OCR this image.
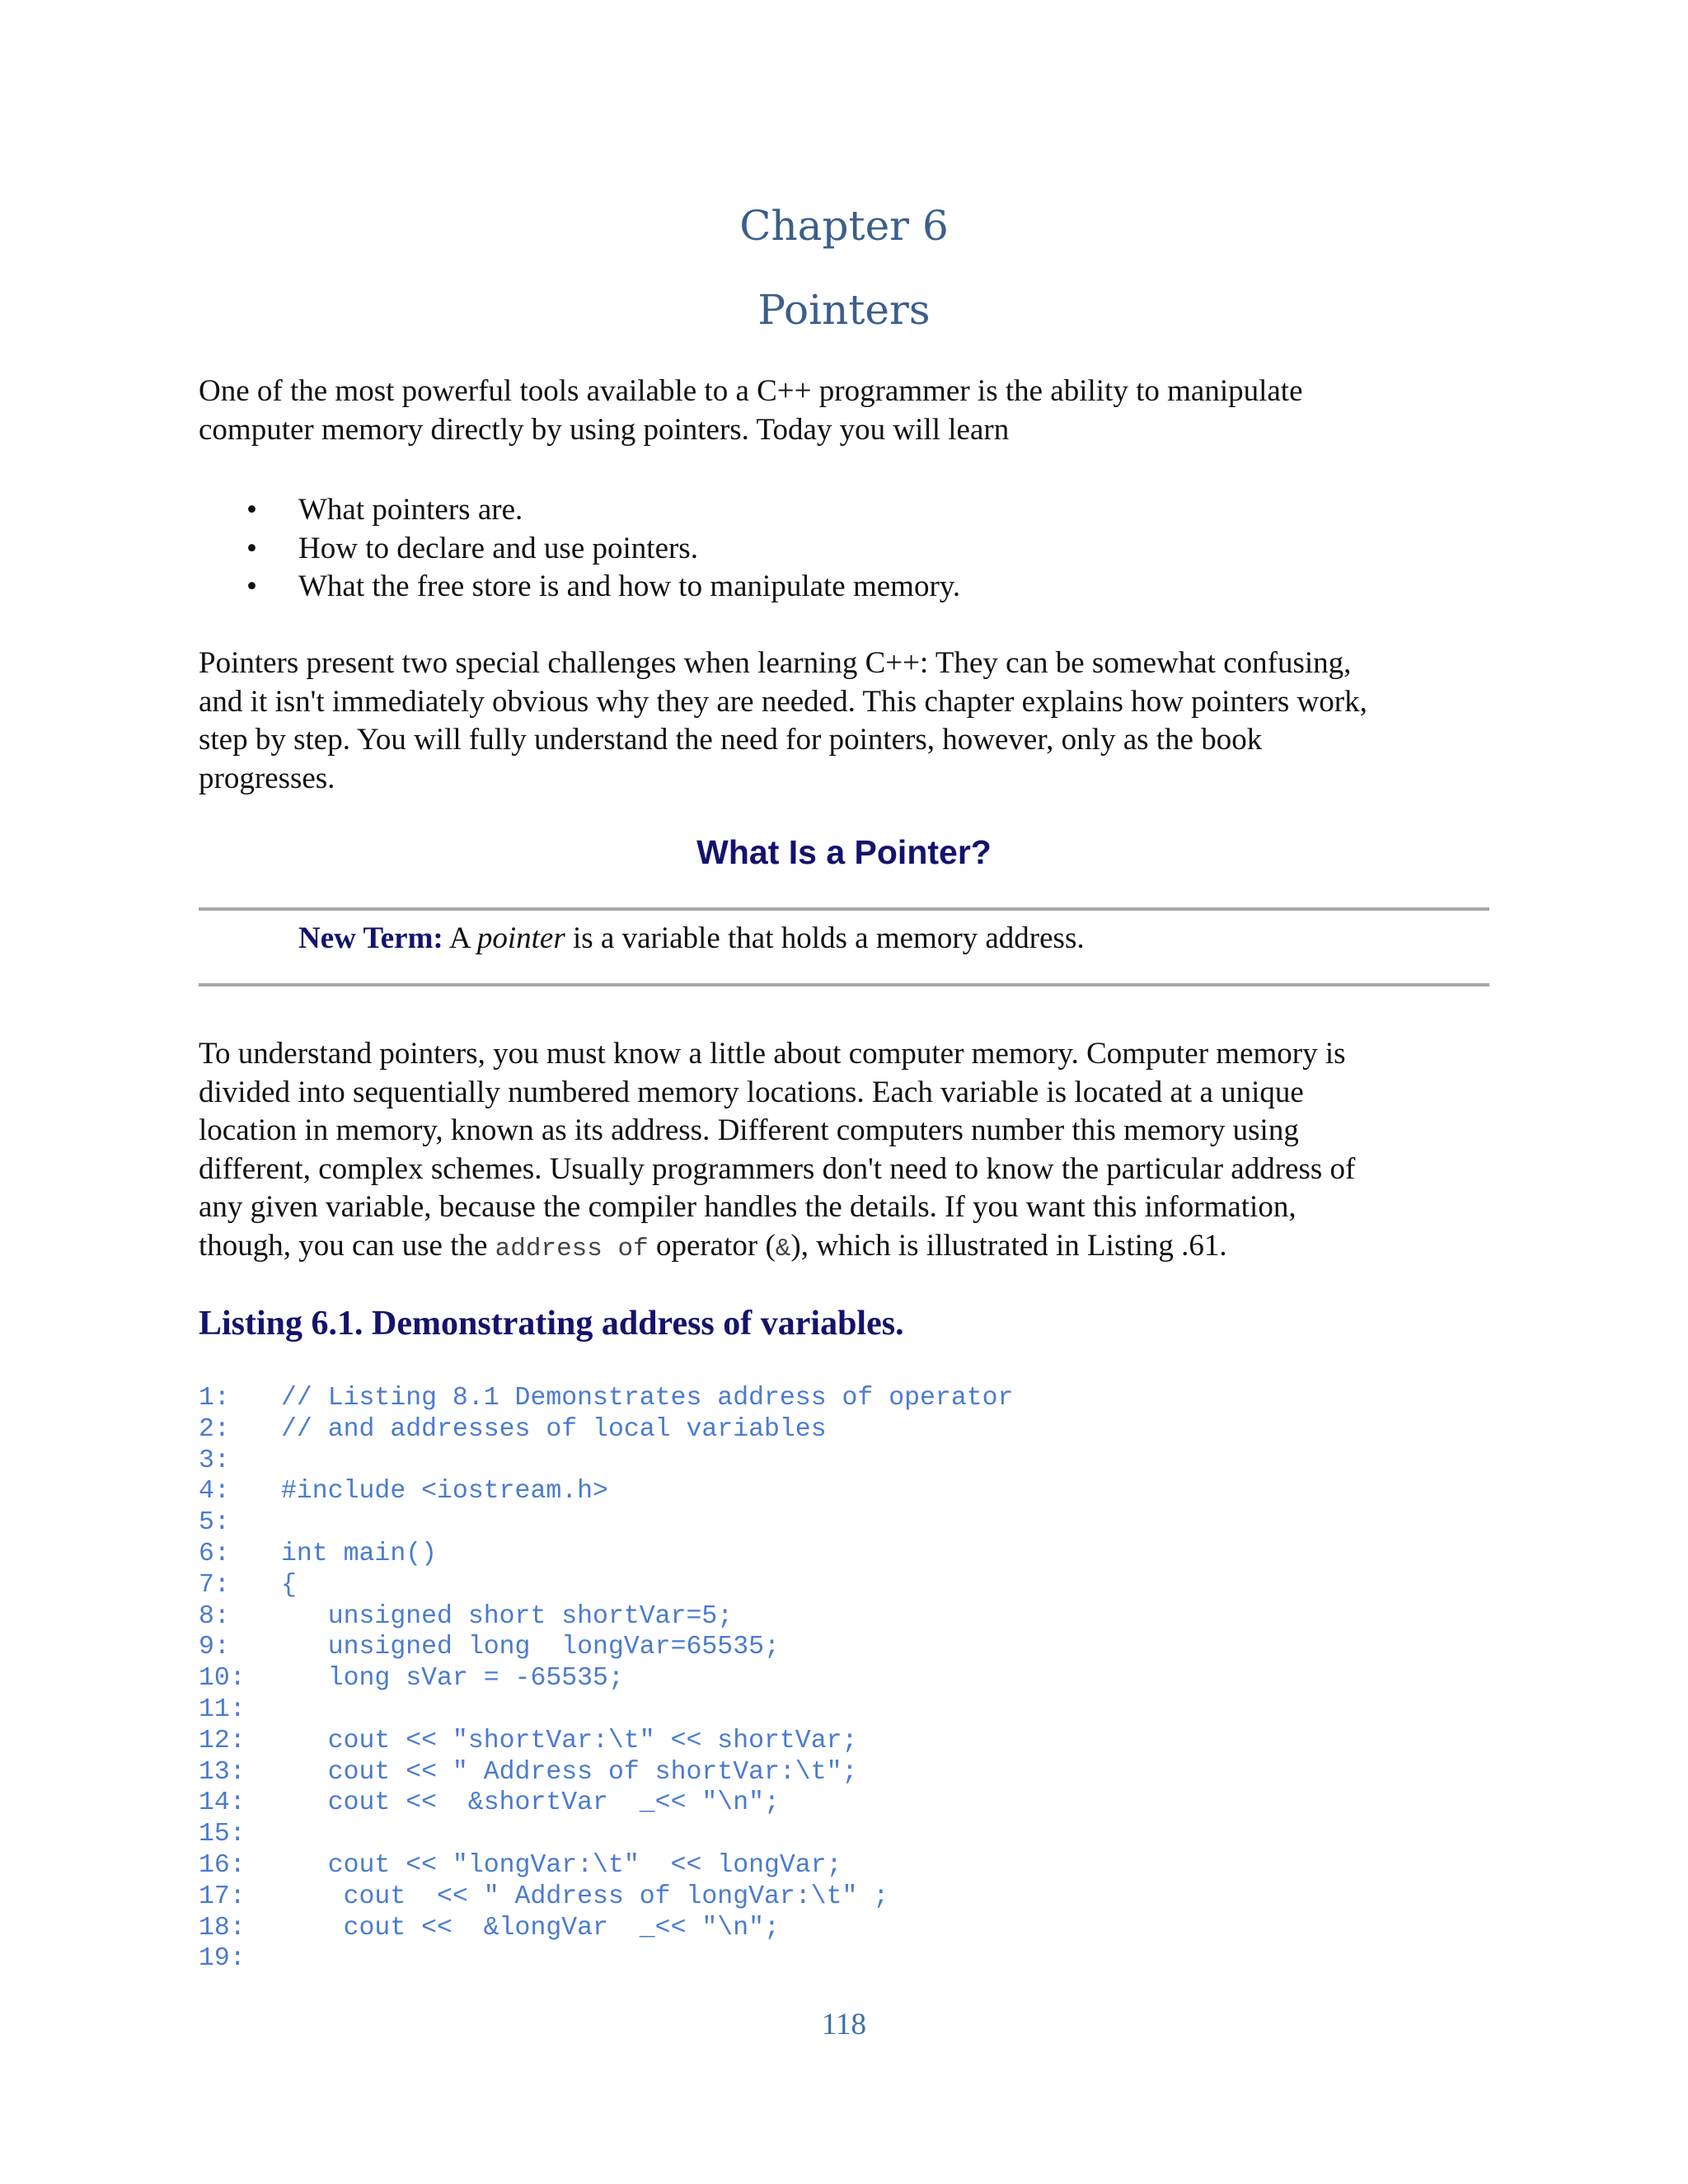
Chapter 6
Pointers

One of the most powerful tools available to a C++ programmer is the ability to manipulate
computer memory directly by using pointers. Today you will learn

• What pointers are.
• How to declare and use pointers.
• What the free store is and how to manipulate memory.

Pointers present two special challenges when learning C++: They can be somewhat confusing,
and it isn't immediately obvious why they are needed. This chapter explains how pointers work,
step by step. You will fully understand the need for pointers, however, only as the book
progresses.

What Is a Pointer?
New Term: A pointer is a variable that holds a memory address.

To understand pointers, you must know a little about computer memory. Computer memory is
divided into sequentially numbered memory locations. Each variable is located at a unique
location in memory, known as its address. Different computers number this memory using
different, complex schemes. Usually programmers don't need to know the particular address of
any given variable, because the compiler handles the details. If you want this information,
though, you can use the address of operator (&), which is illustrated in Listing .61.

Listing 6.1. Demonstrating address of variables.
1: // Listing 8.1 Demonstrates address of operator
2: // and addresses of local variables
3:
4: #include <iostream.h>
5:
6: int main()
7: {
8: unsigned short shortVar=5;
9: unsigned long  longVar=65535;
10: long sVar = -65535;
11:
12: cout << "shortVar:\t" << shortVar;
13: cout << " Address of shortVar:\t";
14: cout <<  &shortVar  _<< "\n";
15:
16: cout << "longVar:\t"  << longVar;
17: cout  << " Address of longVar:\t" ;
18: cout <<  &longVar  _<< "\n";
19:
118
